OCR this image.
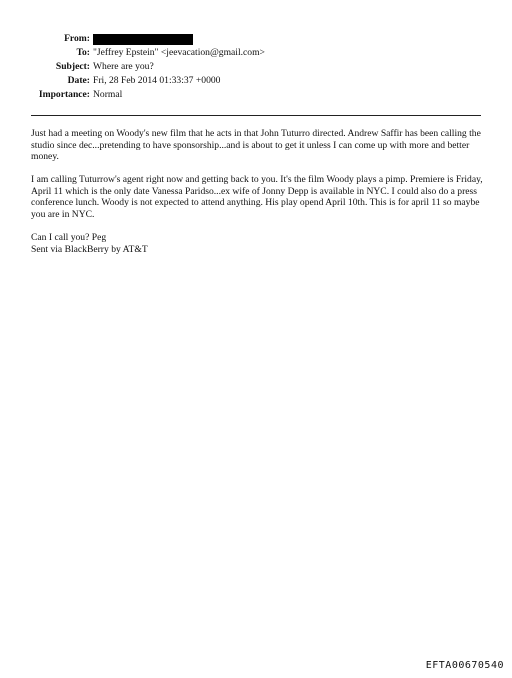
From:
To: "Jeffrey Epstein" <jeevacation@gmail.com>
Subject: Where are you?
Date: Fri, 28 Feb 2014 01:33:37 +0000
Importance: Normal
Just had a meeting on Woody's new film that he acts in that John Tuturro directed. Andrew Saffir has been calling the studio since dec...pretending to have sponsorship...and is about to get it unless I can come up with more and better money.
I am calling Tuturrow's agent right now and getting back to you. It's the film Woody plays a pimp. Premiere is Friday, April 11 which is the only date Vanessa Paridso...ex wife of Jonny Depp is available in NYC. I could also do a press conference lunch. Woody is not expected to attend anything. His play opend April 10th. This is for april 11 so maybe you are in NYC.
Can I call you? Peg
Sent via BlackBerry by AT&T
EFTA00670540
